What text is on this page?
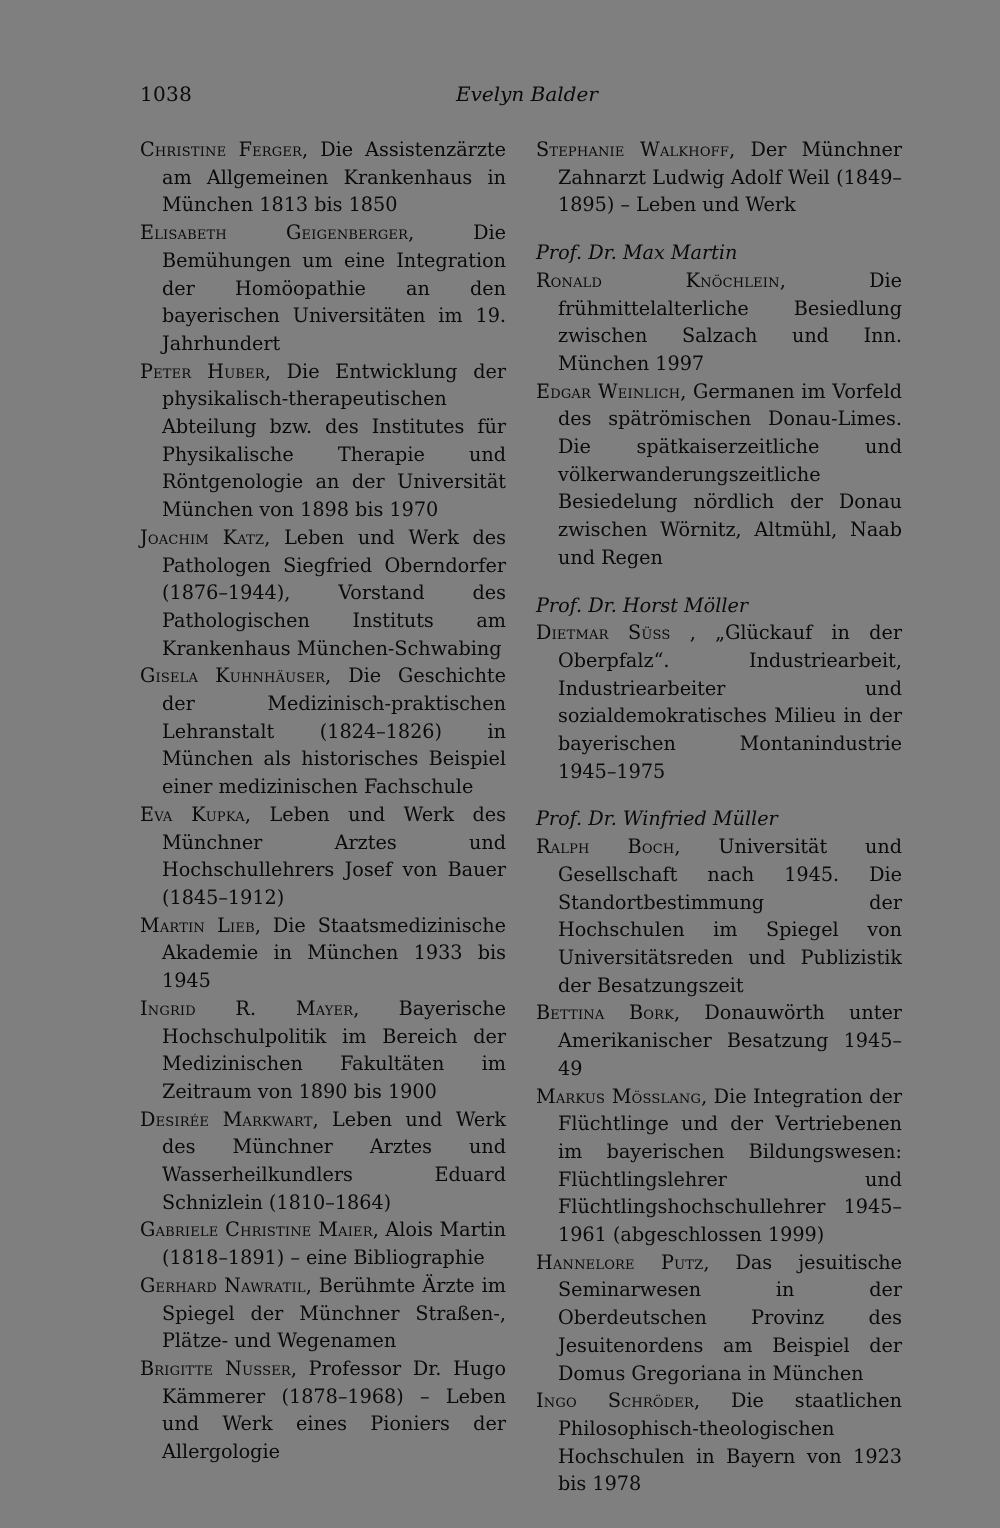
1038	Evelyn Balder

Christine Ferger, Die Assistenzärzte am Allgemeinen Krankenhaus in München 1813 bis 1850

Elisabeth Geigenberger, Die Bemühungen um eine Integration der Homöopathie an den bayerischen Universitäten im 19. Jahrhundert

Peter Huber, Die Entwicklung der physikalisch-therapeutischen Abteilung bzw. des Institutes für Physikalische Therapie und Röntgenologie an der Universität München von 1898 bis 1970

Joachim Katz, Leben und Werk des Pathologen Siegfried Oberndorfer (1876–1944), Vorstand des Pathologischen Instituts am Krankenhaus München-Schwabing

Gisela Kuhnhäuser, Die Geschichte der Medizinisch-praktischen Lehranstalt (1824–1826) in München als historisches Beispiel einer medizinischen Fachschule

Eva Kupka, Leben und Werk des Münchner Arztes und Hochschullehrers Josef von Bauer (1845–1912)

Martin Lieb, Die Staatsmedizinische Akademie in München 1933 bis 1945

Ingrid R. Mayer, Bayerische Hochschulpolitik im Bereich der Medizinischen Fakultäten im Zeitraum von 1890 bis 1900

Desirée Markwart, Leben und Werk des Münchner Arztes und Wasserheilkundlers Eduard Schnizlein (1810–1864)

Gabriele Christine Maier, Alois Martin (1818–1891) – eine Bibliographie

Gerhard Nawratil, Berühmte Ärzte im Spiegel der Münchner Straßen-, Plätze- und Wegenamen

Brigitte Nusser, Professor Dr. Hugo Kämmerer (1878–1968) – Leben und Werk eines Pioniers der Allergologie

Stephanie Walkhoff, Der Münchner Zahnarzt Ludwig Adolf Weil (1849–1895) – Leben und Werk

Prof. Dr. Max Martin

Ronald Knöchlein, Die frühmittelalterliche Besiedlung zwischen Salzach und Inn. München 1997

Edgar Weinlich, Germanen im Vorfeld des spätrömischen Donau-Limes. Die spätkaiserzeitliche und völkerwanderungszeitliche Besiedelung nördlich der Donau zwischen Wörnitz, Altmühl, Naab und Regen

Prof. Dr. Horst Möller

Dietmar Süss , „Glückauf in der Oberpfalz“. Industriearbeit, Industriearbeiter und sozialdemokratisches Milieu in der bayerischen Montanindustrie 1945–1975

Prof. Dr. Winfried Müller

Ralph Boch, Universität und Gesellschaft nach 1945. Die Standortbestimmung der Hochschulen im Spiegel von Universitätsreden und Publizistik der Besatzungszeit

Bettina Bork, Donauwörth unter Amerikanischer Besatzung 1945–49

Markus Mösslang, Die Integration der Flüchtlinge und der Vertriebenen im bayerischen Bildungswesen: Flüchtlingslehrer und Flüchtlingshochschullehrer 1945–1961 (abgeschlossen 1999)

Hannelore Putz, Das jesuitische Seminarwesen in der Oberdeutschen Provinz des Jesuitenordens am Beispiel der Domus Gregoriana in München

Ingo Schröder, Die staatlichen Philosophisch-theologischen Hochschulen in Bayern von 1923 bis 1978
